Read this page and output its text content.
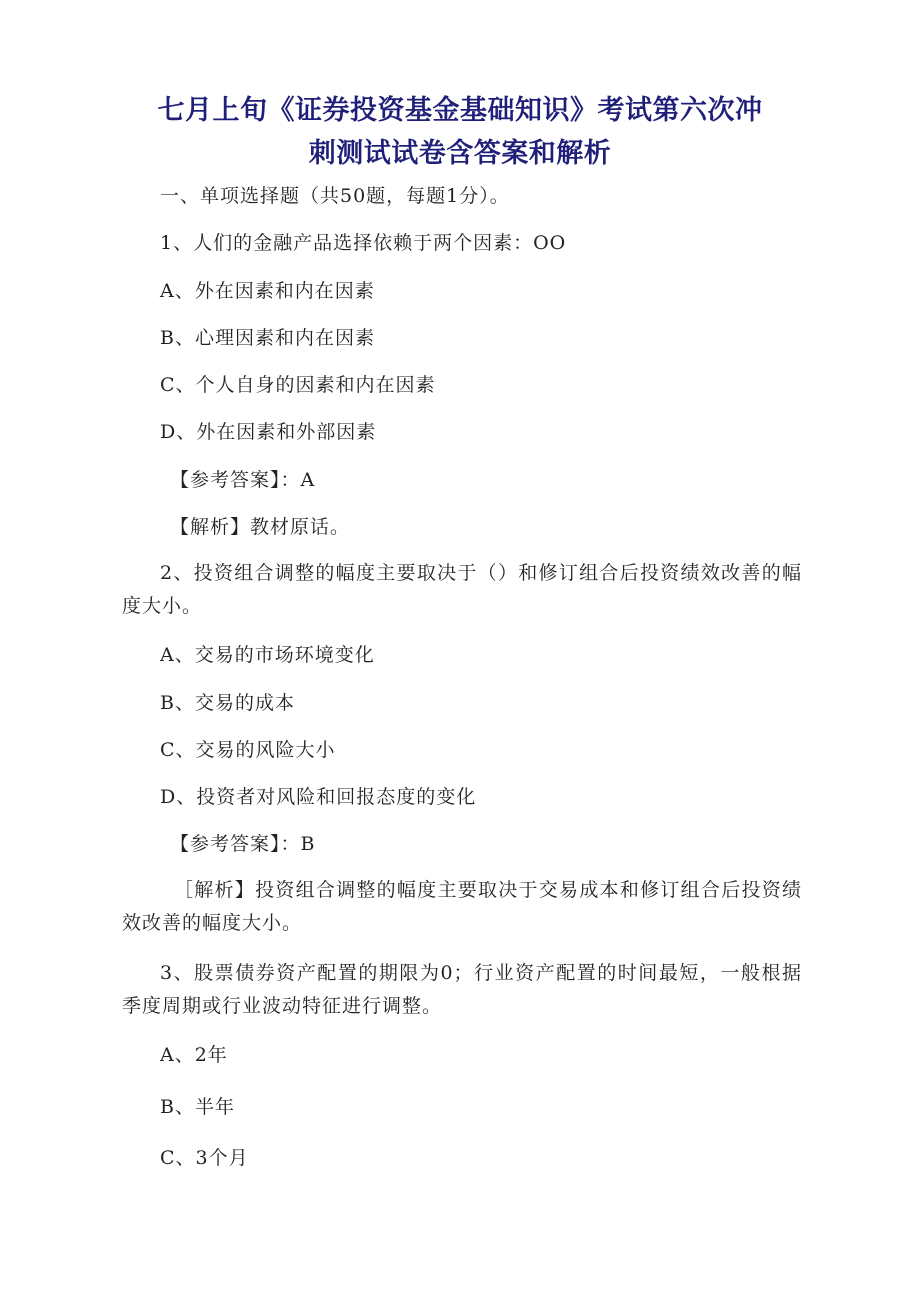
七月上旬《证券投资基金基础知识》考试第六次冲
刺测试试卷含答案和解析
一、单项选择题（共50题，每题1分）。
1、人们的金融产品选择依赖于两个因素：OO
A、外在因素和内在因素
B、心理因素和内在因素
C、个人自身的因素和内在因素
D、外在因素和外部因素
【参考答案】：A
【解析】教材原话。
2、投资组合调整的幅度主要取决于（）和修订组合后投资绩效改善的幅度大小。
A、交易的市场环境变化
B、交易的成本
C、交易的风险大小
D、投资者对风险和回报态度的变化
【参考答案】：B
［解析】投资组合调整的幅度主要取决于交易成本和修订组合后投资绩效改善的幅度大小。
3、股票债券资产配置的期限为0；行业资产配置的时间最短，一般根据季度周期或行业波动特征进行调整。
A、2年
B、半年
C、3个月
